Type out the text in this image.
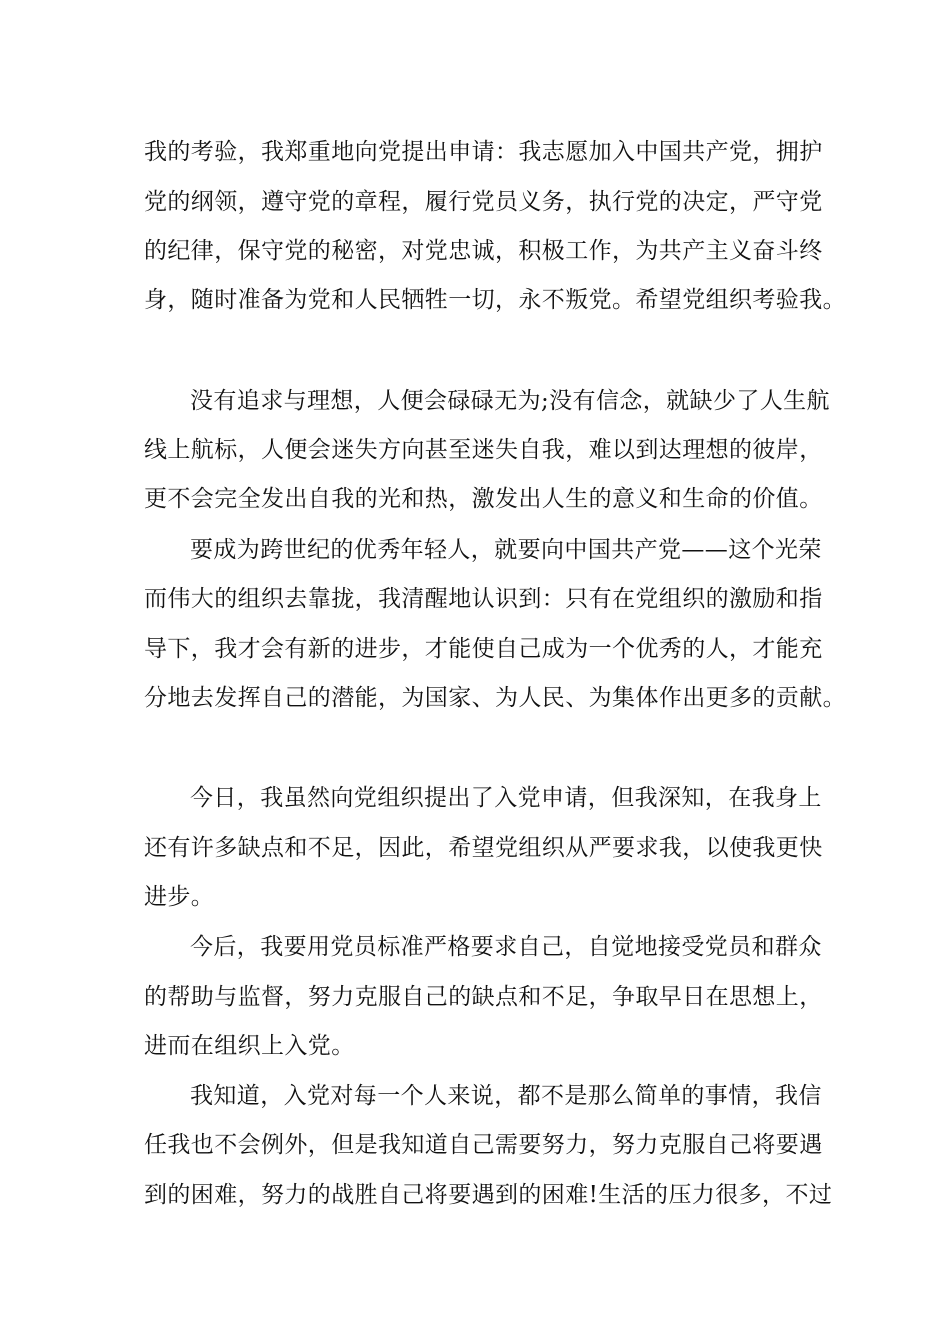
我的考验，我郑重地向党提出申请：我志愿加入中国共产党，拥护
党的纲领，遵守党的章程，履行党员义务，执行党的决定，严守党
的纪律，保守党的秘密，对党忠诚，积极工作，为共产主义奋斗终
身，随时准备为党和人民牺牲一切，永不叛党。希望党组织考验我。
没有追求与理想，人便会碌碌无为;没有信念，就缺少了人生航
线上航标，人便会迷失方向甚至迷失自我，难以到达理想的彼岸，
更不会完全发出自我的光和热，激发出人生的意义和生命的价值。
要成为跨世纪的优秀年轻人，就要向中国共产党——这个光荣
而伟大的组织去靠拢，我清醒地认识到：只有在党组织的激励和指
导下，我才会有新的进步，才能使自己成为一个优秀的人，才能充
分地去发挥自己的潜能，为国家、为人民、为集体作出更多的贡献。
今日，我虽然向党组织提出了入党申请，但我深知，在我身上
还有许多缺点和不足，因此，希望党组织从严要求我，以使我更快
进步。
今后，我要用党员标准严格要求自己，自觉地接受党员和群众
的帮助与监督，努力克服自己的缺点和不足，争取早日在思想上，
进而在组织上入党。
我知道，入党对每一个人来说，都不是那么简单的事情，我信
任我也不会例外，但是我知道自己需要努力，努力克服自己将要遇
到的困难，努力的战胜自己将要遇到的困难!生活的压力很多，不过
